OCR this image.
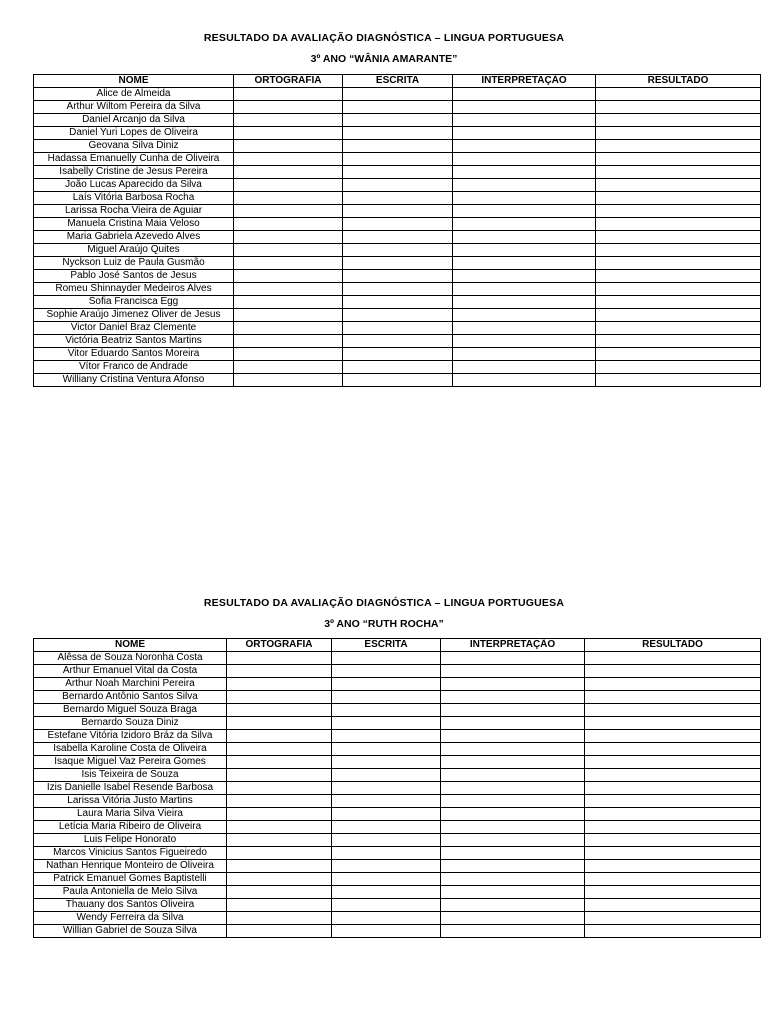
RESULTADO DA AVALIAÇÃO DIAGNÓSTICA – LINGUA PORTUGUESA
3º ANO “WÂNIA AMARANTE”
NOME	ORTOGRAFIA	ESCRITA	INTERPRETAÇÃO	RESULTADO
Alice de Almeida				
Arthur Wiltom Pereira da Silva				
Daniel Arcanjo da Silva				
Daniel Yuri Lopes de Oliveira				
Geovana Silva Diniz				
Hadassa Emanuelly Cunha de Oliveira				
Isabelly Cristine de Jesus Pereira				
João Lucas Aparecido da Silva				
Laís Vitória Barbosa Rocha				
Larissa Rocha Vieira de Aguiar				
Manuela Cristina Maia Veloso				
Maria Gabriela Azevedo Alves				
Miguel Araújo Quites				
Nyckson Luiz de Paula Gusmão				
Pablo José Santos de Jesus				
Romeu Shinnayder Medeiros Alves				
Sofia Francisca Egg				
Sophie Araújo Jimenez Oliver de Jesus				
Victor Daniel Braz Clemente				
Victória Beatriz Santos Martins				
Vitor Eduardo Santos Moreira				
Vítor Franco de Andrade				
Williany Cristina Ventura Afonso				
RESULTADO DA AVALIAÇÃO DIAGNÓSTICA – LINGUA PORTUGUESA
3º ANO “RUTH ROCHA”
NOME	ORTOGRAFIA	ESCRITA	INTERPRETAÇÃO	RESULTADO
Alêssa de Souza Noronha Costa				
Arthur Emanuel Vital da Costa				
Arthur Noah Marchini Pereira				
Bernardo Antônio Santos Silva				
Bernardo Miguel Souza Braga				
Bernardo Souza Diniz				
Estefane Vitória Izidoro Bráz da Silva				
Isabella Karoline Costa de Oliveira				
Isaque Miguel Vaz Pereira Gomes				
Isis Teixeira de Souza				
Izis Danielle Isabel Resende Barbosa				
Larissa Vitória Justo Martins				
Laura Maria Silva Vieira				
Letícia Maria Ribeiro de Oliveira				
Luis Felipe Honorato				
Marcos Vinicius Santos Figueiredo				
Nathan Henrique Monteiro de Oliveira				
Patrick Emanuel Gomes Baptistelli				
Paula Antoniella de Melo Silva				
Thauany dos Santos Oliveira				
Wendy Ferreira da Silva				
Willian Gabriel de Souza Silva				
